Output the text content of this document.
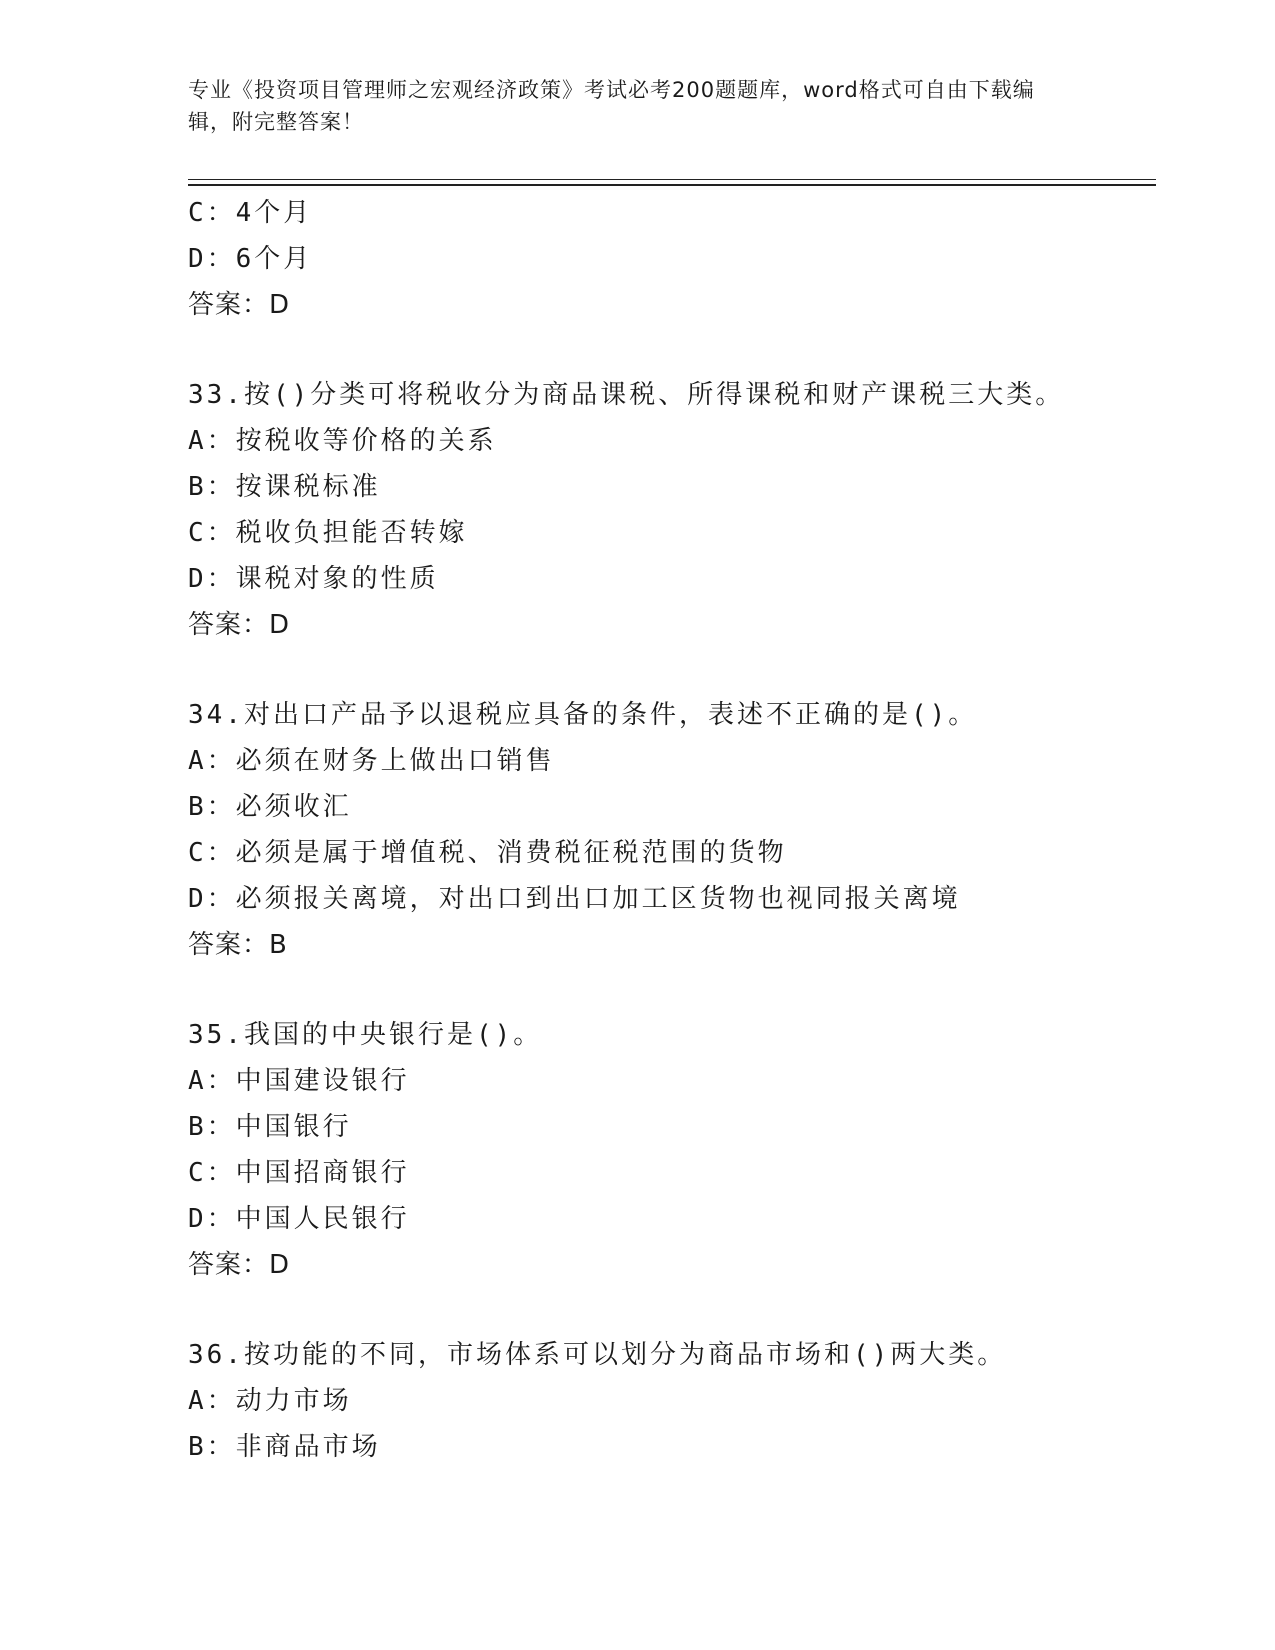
专业《投资项目管理师之宏观经济政策》考试必考200题题库，word格式可自由下载编辑，附完整答案！
C：4个月
D：6个月
答案：D
33.按()分类可将税收分为商品课税、所得课税和财产课税三大类。
A：按税收等价格的关系
B：按课税标准
C：税收负担能否转嫁
D：课税对象的性质
答案：D
34.对出口产品予以退税应具备的条件，表述不正确的是()。
A：必须在财务上做出口销售
B：必须收汇
C：必须是属于增值税、消费税征税范围的货物
D：必须报关离境，对出口到出口加工区货物也视同报关离境
答案：B
35.我国的中央银行是()。
A：中国建设银行
B：中国银行
C：中国招商银行
D：中国人民银行
答案：D
36.按功能的不同，市场体系可以划分为商品市场和()两大类。
A：动力市场
B：非商品市场
